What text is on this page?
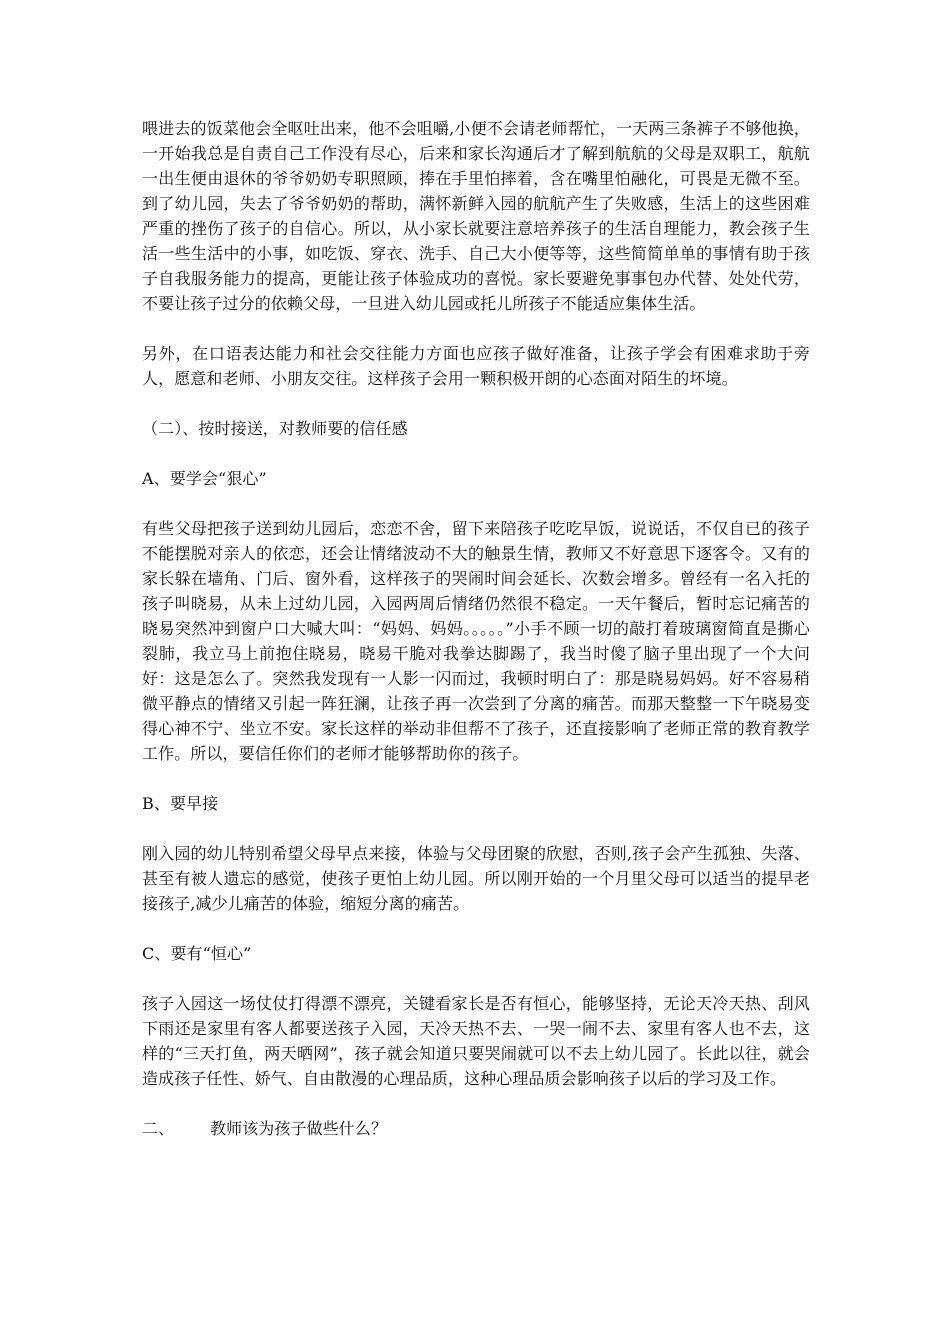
喂进去的饭菜他会全呕吐出来，他不会咀嚼,小便不会请老师帮忙，一天两三条裤子不够他换，一开始我总是自责自己工作没有尽心，后来和家长沟通后才了解到航航的父母是双职工，航航一出生便由退休的爷爷奶奶专职照顾，捧在手里怕摔着，含在嘴里怕融化，可畏是无微不至。到了幼儿园，失去了爷爷奶奶的帮助，满怀新鲜入园的航航产生了失败感，生活上的这些困难严重的挫伤了孩子的自信心。所以，从小家长就要注意培养孩子的生活自理能力，教会孩子生活一些生活中的小事，如吃饭、穿衣、洗手、自己大小便等等，这些简简单单的事情有助于孩子自我服务能力的提高，更能让孩子体验成功的喜悦。家长要避免事事包办代替、处处代劳，不要让孩子过分的依赖父母，一旦进入幼儿园或托儿所孩子不能适应集体生活。

另外，在口语表达能力和社会交往能力方面也应孩子做好准备，让孩子学会有困难求助于旁人，愿意和老师、小朋友交往。这样孩子会用一颗积极开朗的心态面对陌生的坏境。

（二）、按时接送，对教师要的信任感

A、要学会“狠心”

有些父母把孩子送到幼儿园后，恋恋不舍，留下来陪孩子吃吃早饭，说说话，不仅自已的孩子不能摆脱对亲人的依恋，还会让情绪波动不大的触景生情，教师又不好意思下逐客令。又有的家长躲在墙角、门后、窗外看，这样孩子的哭闹时间会延长、次数会增多。曾经有一名入托的孩子叫晓易，从未上过幼儿园，入园两周后情绪仍然很不稳定。一天午餐后，暂时忘记痛苦的晓易突然冲到窗户口大喊大叫：“妈妈、妈妈。。。。。”小手不顾一切的敲打着玻璃窗简直是撕心裂肺，我立马上前抱住晓易，晓易干脆对我拳达脚踢了，我当时傻了脑子里出现了一个大问好：这是怎么了。突然我发现有一人影一闪而过，我顿时明白了：那是晓易妈妈。好不容易稍微平静点的情绪又引起一阵狂澜，让孩子再一次尝到了分离的痛苦。而那天整整一下午晓易变得心神不宁、坐立不安。家长这样的举动非但帮不了孩子，还直接影响了老师正常的教育教学工作。所以，要信任你们的老师才能够帮助你的孩子。

B、要早接

刚入园的幼儿特别希望父母早点来接，体验与父母团聚的欣慰，否则,孩子会产生孤独、失落、甚至有被人遗忘的感觉，使孩子更怕上幼儿园。所以刚开始的一个月里父母可以适当的提早老接孩子,减少儿痛苦的体验，缩短分离的痛苦。

C、要有“恒心”

孩子入园这一场仗仗打得漂不漂亮，关键看家长是否有恒心，能够坚持，无论天冷天热、刮风下雨还是家里有客人都要送孩子入园，天冷天热不去、一哭一闹不去、家里有客人也不去，这样的“三天打鱼，两天晒网”，孩子就会知道只要哭闹就可以不去上幼儿园了。长此以往，就会造成孩子任性、娇气、自由散漫的心理品质，这种心理品质会影响孩子以后的学习及工作。

二、 教师该为孩子做些什么？
